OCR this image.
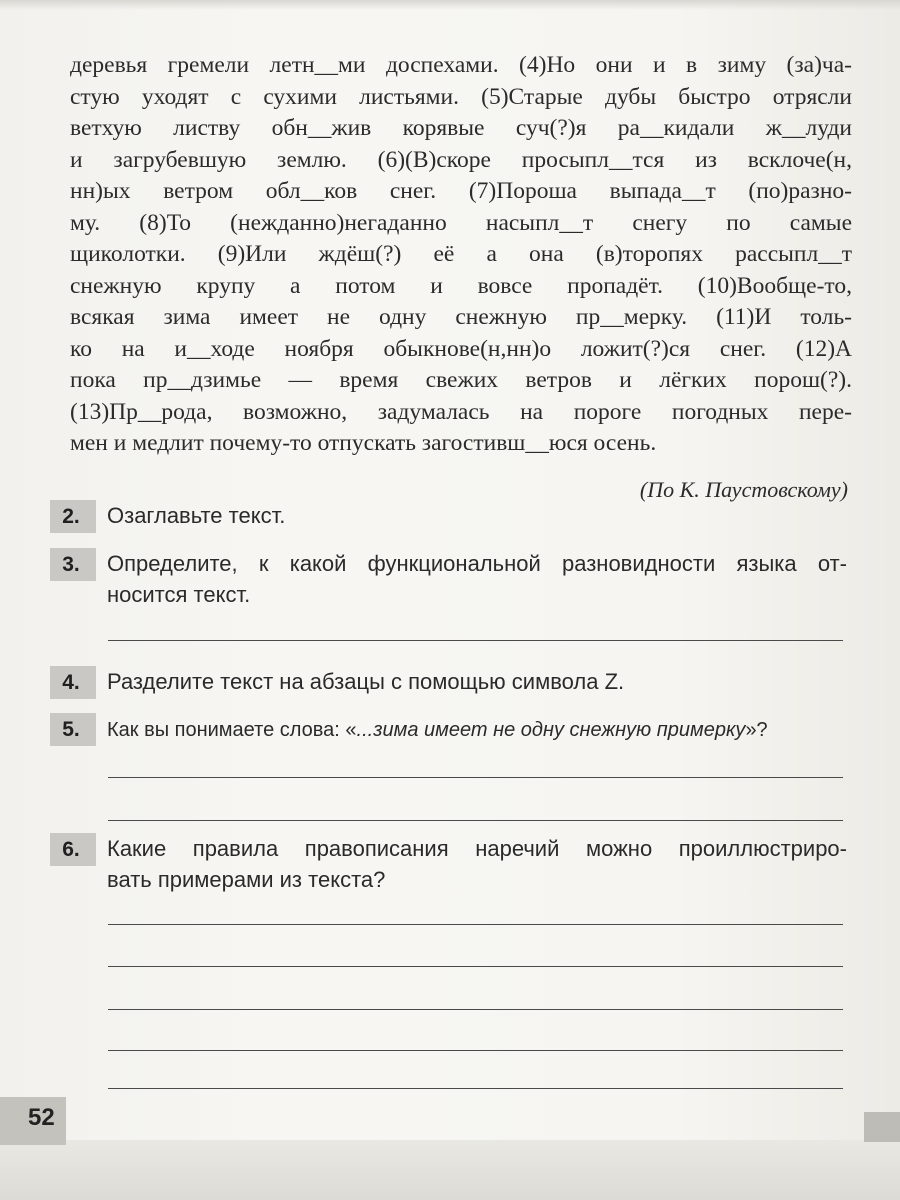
деревья гремели летн__ми доспехами. (4)Но они и в зиму (за)ча-
стую уходят с сухими листьями. (5)Старые дубы быстро отрясли
ветхую листву обн__жив корявые суч(?)я ра__кидали ж__луди
и загрубевшую землю. (6)(В)скоре просыпл__тся из всклоче(н,
нн)ых ветром обл__ков снег. (7)Пороша выпада__т (по)разно-
му. (8)То (нежданно)негаданно насыпл__т снегу по самые
щиколотки. (9)Или ждёш(?) её а она (в)торопях рассыпл__т
снежную крупу а потом и вовсе пропадёт. (10)Вообще-то,
всякая зима имеет не одну снежную пр__мерку. (11)И толь-
ко на и__ходе ноября обыкнове(н,нн)о ложит(?)ся снег. (12)А
пока пр__дзимье — время свежих ветров и лёгких порош(?).
(13)Пр__рода, возможно, задумалась на пороге погодных пере-
мен и медлит почему-то отпускать загостивш__юся осень.
(По К. Паустовскому)
2.	Озаглавьте текст.
3.	Определите, к какой функциональной разновидности языка от-
носится текст.
4.	Разделите текст на абзацы с помощью символа Z.
5.	Как вы понимаете слова: «...зима имеет не одну снежную примерку»?
6.	Какие правила правописания наречий можно проиллюстриро-
вать примерами из текста?
52
